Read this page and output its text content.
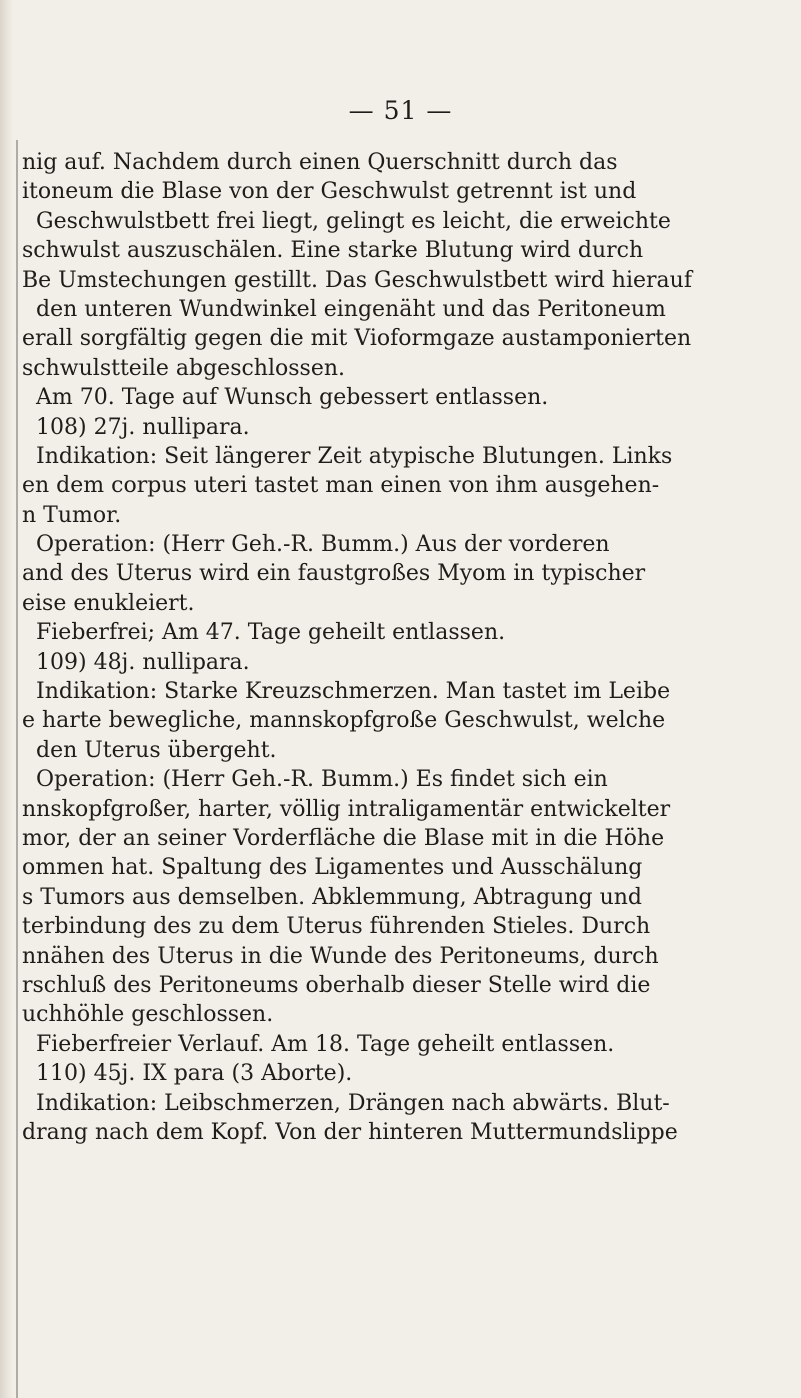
— 51 —
nig auf. Nachdem durch einen Querschnitt durch das
itoneum die Blase von der Geschwulst getrennt ist und
Geschwulstbett frei liegt, gelingt es leicht, die erweichte
schwulst auszuschälen. Eine starke Blutung wird durch
Be Umstechungen gestillt. Das Geschwulstbett wird hierauf
den unteren Wundwinkel eingenäht und das Peritoneum
erall sorgfältig gegen die mit Vioformgaze austamponierten
schwulstteile abgeschlossen.
Am 70. Tage auf Wunsch gebessert entlassen.
108) 27j. nullipara.
Indikation: Seit längerer Zeit atypische Blutungen. Links
en dem corpus uteri tastet man einen von ihm ausgehen-
n Tumor.
Operation: (Herr Geh.-R. Bumm.) Aus der vorderen
and des Uterus wird ein faustgroßes Myom in typischer
eise enukleiert.
Fieberfrei; Am 47. Tage geheilt entlassen.
109) 48j. nullipara.
Indikation: Starke Kreuzschmerzen. Man tastet im Leibe
e harte bewegliche, mannskopfgroße Geschwulst, welche
den Uterus übergeht.
Operation: (Herr Geh.-R. Bumm.) Es findet sich ein
nnskopfgroßer, harter, völlig intraligamentär entwickelter
mor, der an seiner Vorderfläche die Blase mit in die Höhe
ommen hat. Spaltung des Ligamentes und Ausschälung
s Tumors aus demselben. Abklemmung, Abtragung und
terbindung des zu dem Uterus führenden Stieles. Durch
nnähen des Uterus in die Wunde des Peritoneums, durch
rschluß des Peritoneums oberhalb dieser Stelle wird die
uchhöhle geschlossen.
Fieberfreier Verlauf. Am 18. Tage geheilt entlassen.
110) 45j. IX para (3 Aborte).
Indikation: Leibschmerzen, Drängen nach abwärts. Blut-
drang nach dem Kopf. Von der hinteren Muttermundslippe
